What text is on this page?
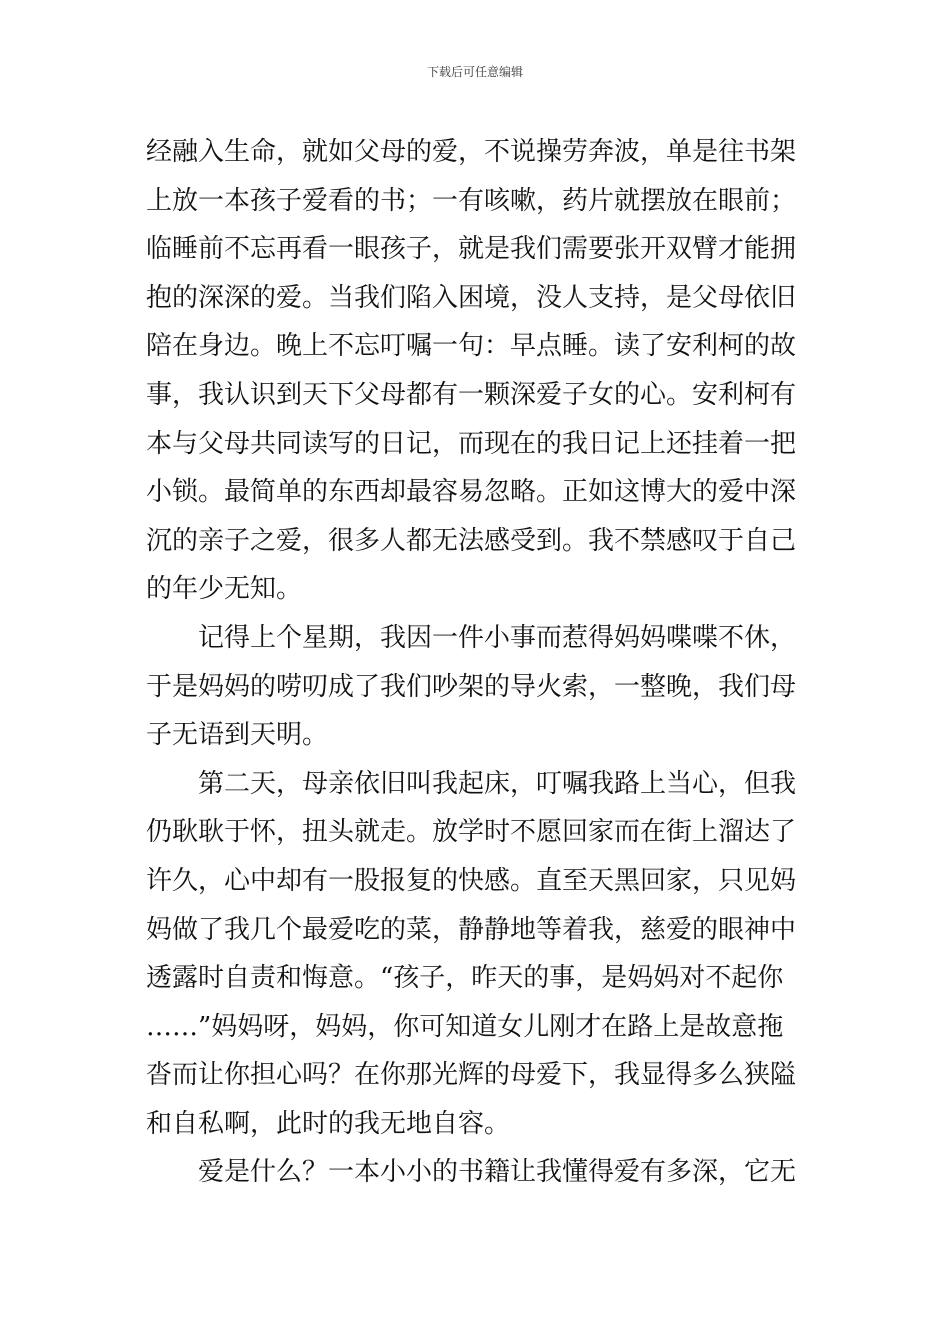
下载后可任意编辑
经融入生命，就如父母的爱，不说操劳奔波，单是往书架
上放一本孩子爱看的书；一有咳嗽，药片就摆放在眼前；
临睡前不忘再看一眼孩子，就是我们需要张开双臂才能拥
抱的深深的爱。当我们陷入困境，没人支持，是父母依旧
陪在身边。晚上不忘叮嘱一句：早点睡。读了安利柯的故
事，我认识到天下父母都有一颗深爱子女的心。安利柯有
本与父母共同读写的日记，而现在的我日记上还挂着一把
小锁。最简单的东西却最容易忽略。正如这博大的爱中深
沉的亲子之爱，很多人都无法感受到。我不禁感叹于自己
的年少无知。
记得上个星期，我因一件小事而惹得妈妈喋喋不休，
于是妈妈的唠叨成了我们吵架的导火索，一整晚，我们母
子无语到天明。
第二天，母亲依旧叫我起床，叮嘱我路上当心，但我
仍耿耿于怀，扭头就走。放学时不愿回家而在街上溜达了
许久，心中却有一股报复的快感。直至天黑回家，只见妈
妈做了我几个最爱吃的菜，静静地等着我，慈爱的眼神中
透露时自责和悔意。“孩子，昨天的事，是妈妈对不起你
……”妈妈呀，妈妈，你可知道女儿刚才在路上是故意拖
沓而让你担心吗？在你那光辉的母爱下，我显得多么狭隘
和自私啊，此时的我无地自容。
爱是什么？一本小小的书籍让我懂得爱有多深，它无
